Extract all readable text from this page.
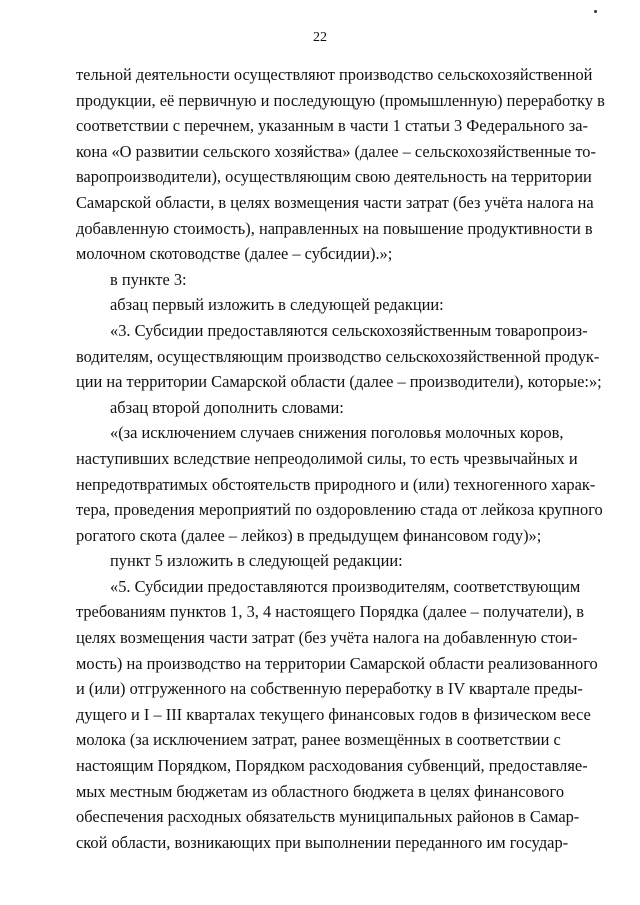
22
тельной деятельности осуществляют производство сельскохозяйственной
продукции, её первичную и последующую (промышленную) переработку в
соответствии с перечнем, указанным в части 1 статьи 3 Федерального за-
кона «О развитии сельского хозяйства» (далее – сельскохозяйственные то-
варопроизводители), осуществляющим свою деятельность на территории
Самарской области, в целях возмещения части затрат (без учёта налога на
добавленную стоимость), направленных на повышение продуктивности в
молочном скотоводстве (далее – субсидии).»;
в пункте 3:
абзац первый изложить в следующей редакции:
«3. Субсидии предоставляются сельскохозяйственным товаропроиз-
водителям, осуществляющим производство сельскохозяйственной продук-
ции на территории Самарской области (далее – производители), которые:»;
абзац второй дополнить словами:
«(за исключением случаев снижения поголовья молочных коров,
наступивших вследствие непреодолимой силы, то есть чрезвычайных и
непредотвратимых обстоятельств природного и (или) техногенного харак-
тера, проведения мероприятий по оздоровлению стада от лейкоза крупного
рогатого скота (далее – лейкоз) в предыдущем финансовом году)»;
пункт 5 изложить в следующей редакции:
«5. Субсидии предоставляются производителям, соответствующим
требованиям пунктов 1, 3, 4 настоящего Порядка (далее – получатели), в
целях возмещения части затрат (без учёта налога на добавленную стои-
мость) на производство на территории Самарской области реализованного
и (или) отгруженного на собственную переработку в IV квартале преды-
дущего и I – III кварталах текущего финансовых годов в физическом весе
молока (за исключением затрат, ранее возмещённых в соответствии с
настоящим Порядком, Порядком расходования субвенций, предоставляе-
мых местным бюджетам из областного бюджета в целях финансового
обеспечения расходных обязательств муниципальных районов в Самар-
ской области, возникающих при выполнении переданного им государ-
